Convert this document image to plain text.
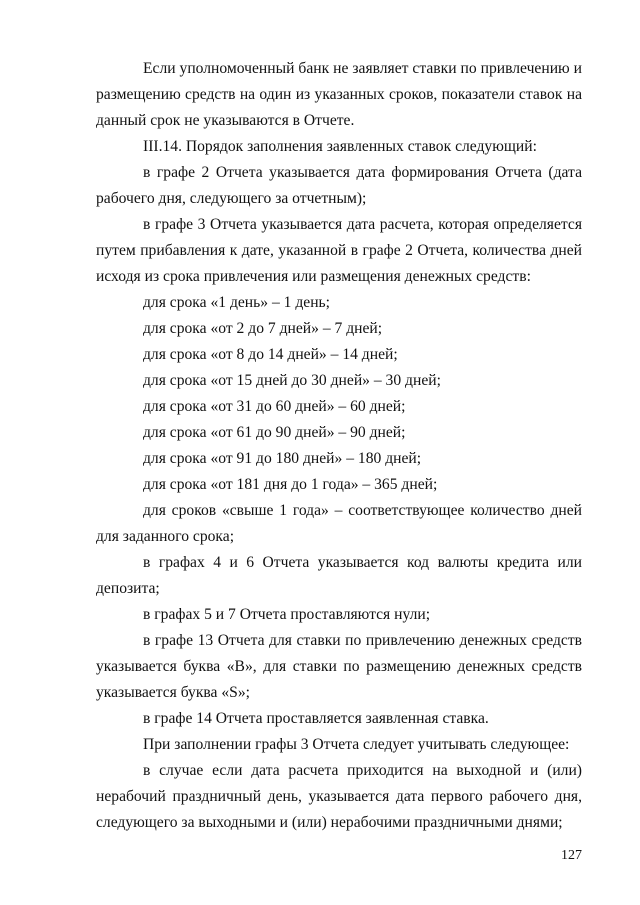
Если уполномоченный банк не заявляет ставки по привлечению и размещению средств на один из указанных сроков, показатели ставок на данный срок не указываются в Отчете.

III.14. Порядок заполнения заявленных ставок следующий:

в графе 2 Отчета указывается дата формирования Отчета (дата рабочего дня, следующего за отчетным);

в графе 3 Отчета указывается дата расчета, которая определяется путем прибавления к дате, указанной в графе 2 Отчета, количества дней исходя из срока привлечения или размещения денежных средств:

для срока «1 день» – 1 день;

для срока «от 2 до 7 дней» – 7 дней;

для срока «от 8 до 14 дней» – 14 дней;

для срока «от 15 дней до 30 дней» – 30 дней;

для срока «от 31 до 60 дней» – 60 дней;

для срока «от 61 до 90 дней» – 90 дней;

для срока «от 91 до 180 дней» – 180 дней;

для срока «от 181 дня до 1 года» – 365 дней;

для сроков «свыше 1 года» – соответствующее количество дней для заданного срока;

в графах 4 и 6 Отчета указывается код валюты кредита или депозита;

в графах 5 и 7 Отчета проставляются нули;

в графе 13 Отчета для ставки по привлечению денежных средств указывается буква «B», для ставки по размещению денежных средств указывается буква «S»;

в графе 14 Отчета проставляется заявленная ставка.

При заполнении графы 3 Отчета следует учитывать следующее:

в случае если дата расчета приходится на выходной и (или) нерабочий праздничный день, указывается дата первого рабочего дня, следующего за выходными и (или) нерабочими праздничными днями;

127
